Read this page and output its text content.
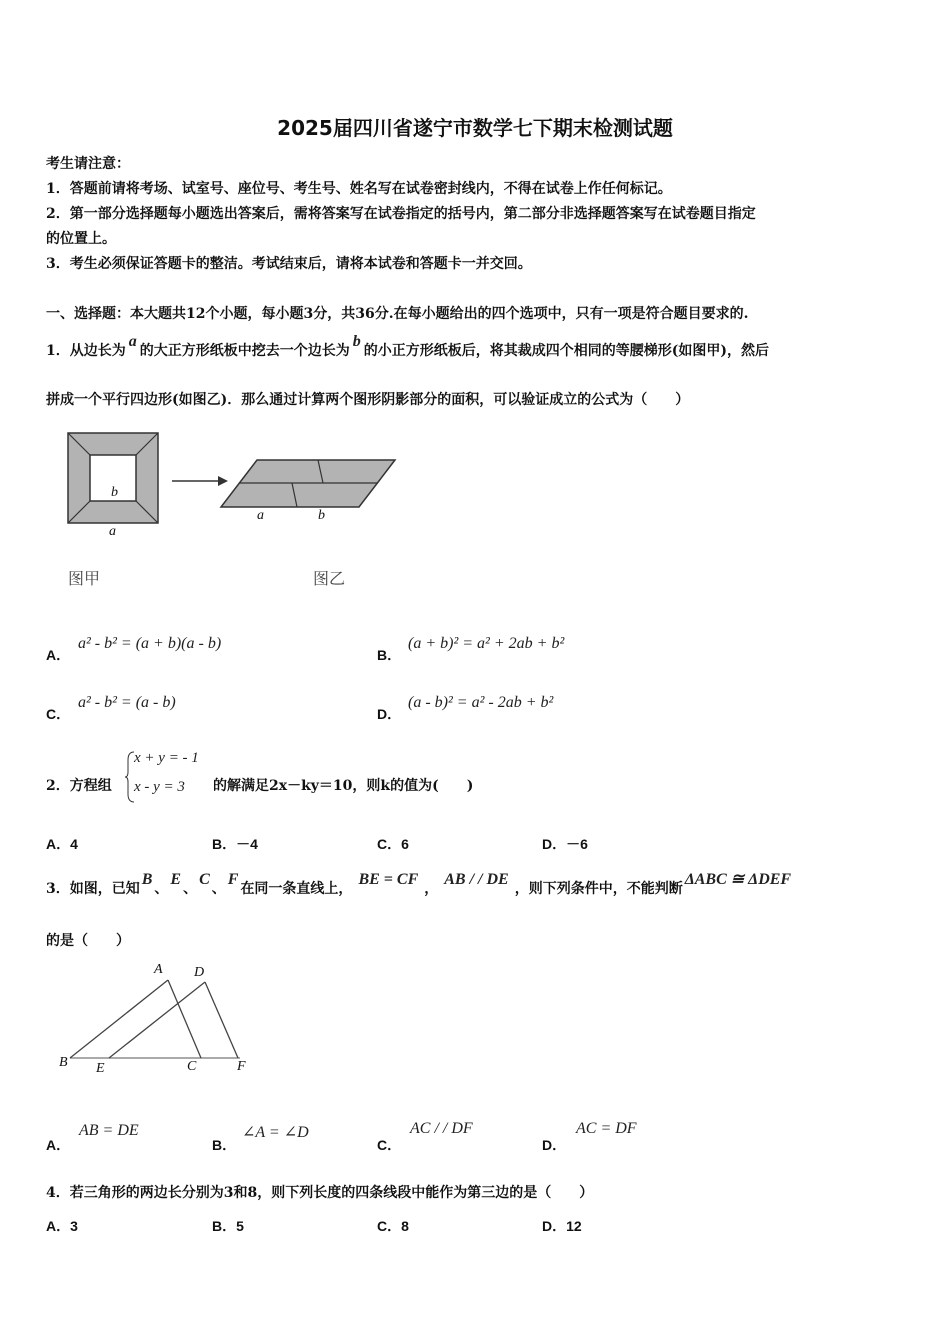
2025届四川省遂宁市数学七下期末检测试题
考生请注意：
1．答题前请将考场、试室号、座位号、考生号、姓名写在试卷密封线内，不得在试卷上作任何标记。
2．第一部分选择题每小题选出答案后，需将答案写在试卷指定的括号内，第二部分非选择题答案写在试卷题目指定
的位置上。
3．考生必须保证答题卡的整洁。考试结束后，请将本试卷和答题卡一并交回。
一、选择题：本大题共12个小题，每小题3分，共36分.在每小题给出的四个选项中，只有一项是符合题目要求的.
1．从边长为a的大正方形纸板中挖去一个边长为b的小正方形纸板后，将其裁成四个相同的等腰梯形(如图甲)，然后
拼成一个平行四边形(如图乙)．那么通过计算两个图形阴影部分的面积，可以验证成立的公式为（　　）
b
a
a	b
图甲	图乙
A．
a² - b² = (a + b)(a - b)
B．
(a + b)² = a² + 2ab + b²
C．
a² - b² = (a - b)
D．
(a - b)² = a² - 2ab + b²
2．方程组
x + y = - 1
x - y = 3 的解满足2x－ky＝10，则k的值为(　　)
A．4	B．－4	C．6	D．－6
3．如图，已知B、E、C、F在同一条直线上，BE = CF，AB / / DE，则下列条件中，不能判断ΔABC ≅ ΔDEF
的是（　　）
A D
B E	C	F
A．
AB = DE
B．
∠A = ∠D
C．
AC / / DF
D．
AC = DF
4．若三角形的两边长分别为3和8，则下列长度的四条线段中能作为第三边的是（　　）
A．3	B．5	C．8	D．12
